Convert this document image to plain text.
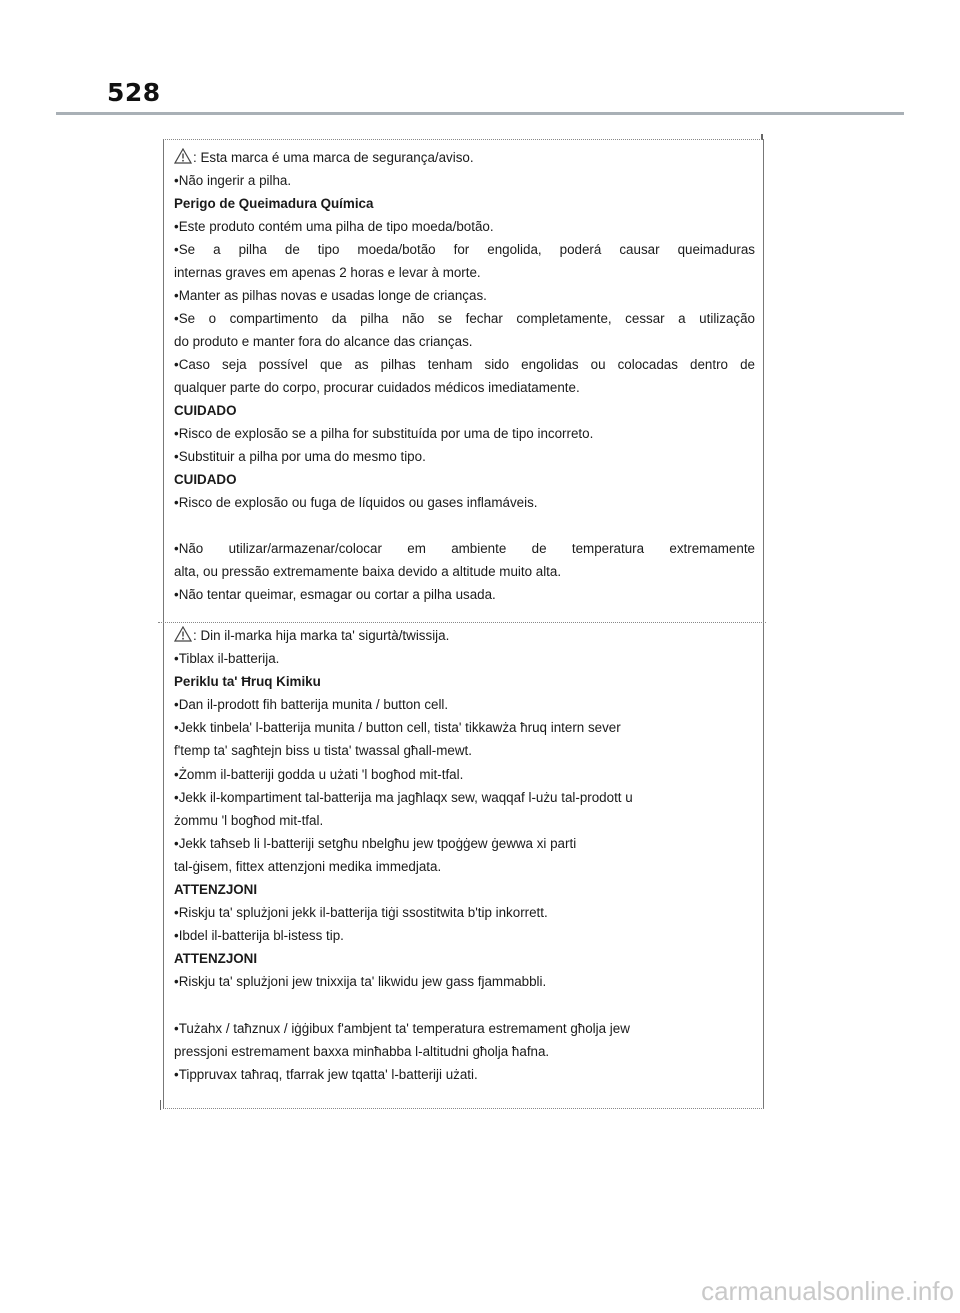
528
: Esta marca é uma marca de segurança/aviso.
•Não ingerir a pilha.
Perigo de Queimadura Química
•Este produto contém uma pilha de tipo moeda/botão.
•Se a pilha de tipo moeda/botão for engolida, poderá causar queimaduras
internas graves em apenas 2 horas e levar à morte.
•Manter as pilhas novas e usadas longe de crianças.
•Se o compartimento da pilha não se fechar completamente, cessar a utilização
do produto e manter fora do alcance das crianças.
•Caso seja possível que as pilhas tenham sido engolidas ou colocadas dentro de
qualquer parte do corpo, procurar cuidados médicos imediatamente.
CUIDADO
•Risco de explosão se a pilha for substituída por uma de tipo incorreto.
•Substituir a pilha por uma do mesmo tipo.
CUIDADO
•Risco de explosão ou fuga de líquidos ou gases inflamáveis.
•Não utilizar/armazenar/colocar em ambiente de temperatura extremamente
alta, ou pressão extremamente baixa devido a altitude muito alta.
•Não tentar queimar, esmagar ou cortar a pilha usada.
: Din il-marka hija marka ta' sigurtà/twissija.
•Tiblax il-batterija.
Periklu ta' Ħruq Kimiku
•Dan il-prodott fih batterija munita / button cell.
•Jekk tinbela' l-batterija munita / button cell, tista' tikkawża ħruq intern sever
f'temp ta' sagħtejn biss u tista' twassal għall-mewt.
•Żomm il-batteriji godda u użati 'l bogħod mit-tfal.
•Jekk il-kompartiment tal-batterija ma jagħlaqx sew, waqqaf l-użu tal-prodott u
żommu 'l bogħod mit-tfal.
•Jekk taħseb li l-batteriji setgħu nbelgħu jew tpoġġew ġewwa xi parti
tal-ġisem, fittex attenzjoni medika immedjata.
ATTENZJONI
•Riskju ta' splużjoni jekk il-batterija tiġi ssostitwita b'tip inkorrett.
•Ibdel il-batterija bl-istess tip.
ATTENZJONI
•Riskju ta' splużjoni jew tnixxija ta' likwidu jew gass fjammabbli.
•Tużahx / taħznux / iġġibux f'ambjent ta' temperatura estremament għolja jew
pressjoni estremament baxxa minħabba l-altitudni għolja ħafna.
•Tippruvax taħraq, tfarrak jew tqatta' l-batteriji użati.
carmanualsonline.info
